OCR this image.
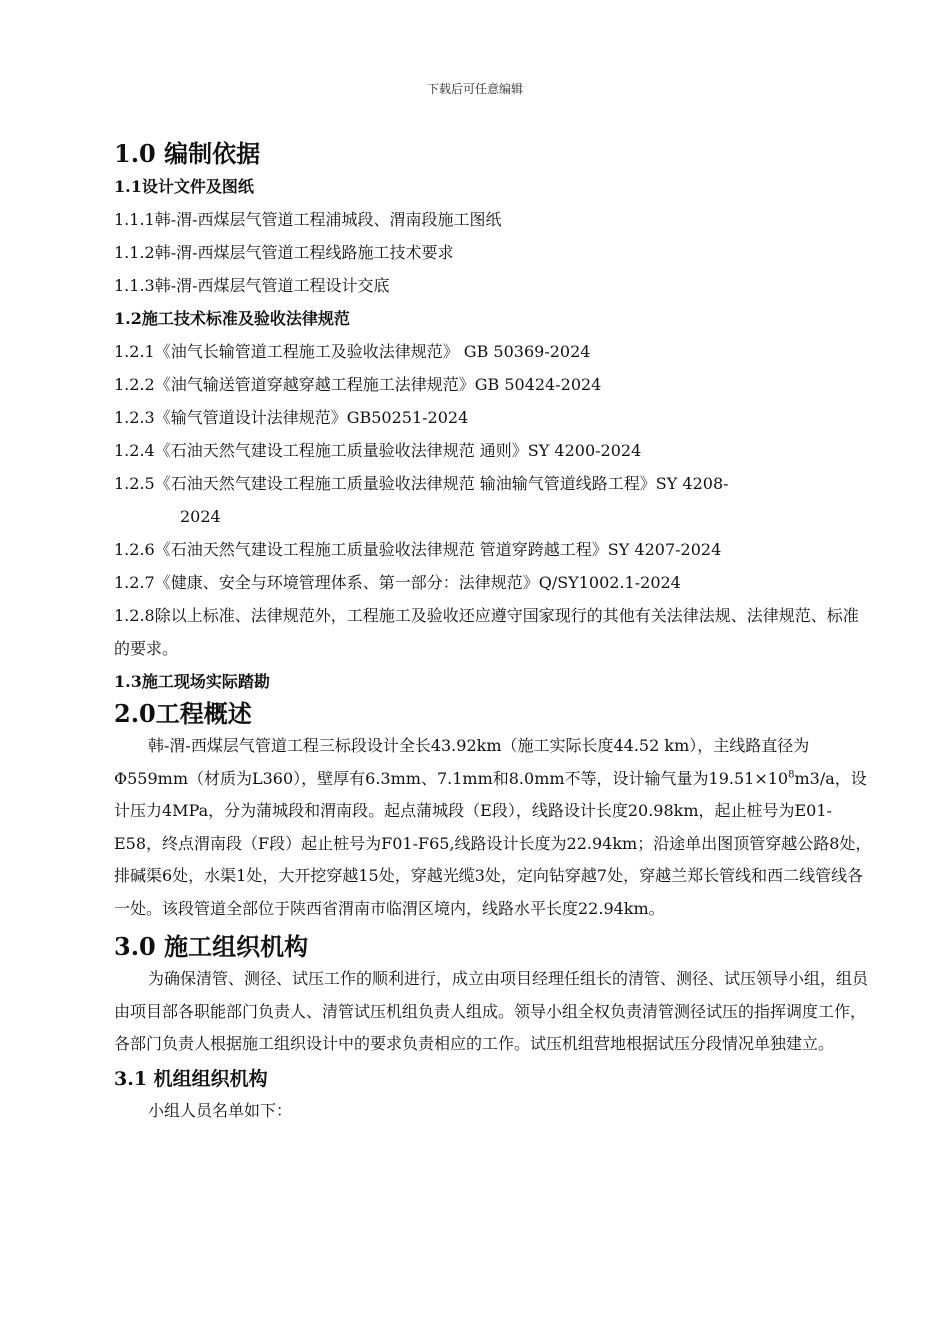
下载后可任意编辑
1.0 编制依据
1.1设计文件及图纸
1.1.1韩-渭-西煤层气管道工程浦城段、渭南段施工图纸
1.1.2韩-渭-西煤层气管道工程线路施工技术要求
1.1.3韩-渭-西煤层气管道工程设计交底
1.2施工技术标准及验收法律规范
1.2.1《油气长输管道工程施工及验收法律规范》 GB 50369-2024
1.2.2《油气输送管道穿越穿越工程施工法律规范》GB 50424-2024
1.2.3《输气管道设计法律规范》GB50251-2024
1.2.4《石油天然气建设工程施工质量验收法律规范 通则》SY 4200-2024
1.2.5《石油天然气建设工程施工质量验收法律规范 输油输气管道线路工程》SY 4208-
2024
1.2.6《石油天然气建设工程施工质量验收法律规范 管道穿跨越工程》SY 4207-2024
1.2.7《健康、安全与环境管理体系、第一部分：法律规范》Q/SY1002.1-2024
1.2.8除以上标准、法律规范外，工程施工及验收还应遵守国家现行的其他有关法律法规、法律规范、标准的要求。
1.3施工现场实际踏勘
2.0工程概述

韩-渭-西煤层气管道工程三标段设计全长43.92km（施工实际长度44.52 km），主线路直径为Φ559mm（材质为L360），壁厚有6.3mm、7.1mm和8.0mm不等，设计输气量为$19.51\times 10^8m3/a$，设计压力4MPa，分为蒲城段和渭南段。起点蒲城段（E段），线路设计长度20.98km，起止桩号为E01-E58，终点渭南段（F段）起止桩号为F01-F65,线路设计长度为22.94km；沿途单出图顶管穿越公路8处，排碱渠6处，水渠1处，大开挖穿越15处，穿越光缆3处，定向钻穿越7处，穿越兰郑长管线和西二线管线各一处。该段管道全部位于陕西省渭南市临渭区境内，线路水平长度22.94km。

3.0 施工组织机构

为确保清管、测径、试压工作的顺利进行，成立由项目经理任组长的清管、测径、试压领导小组，组员由项目部各职能部门负责人、清管试压机组负责人组成。领导小组全权负责清管测径试压的指挥调度工作，各部门负责人根据施工组织设计中的要求负责相应的工作。试压机组营地根据试压分段情况单独建立。

3.1 机组组织机构

小组人员名单如下：
